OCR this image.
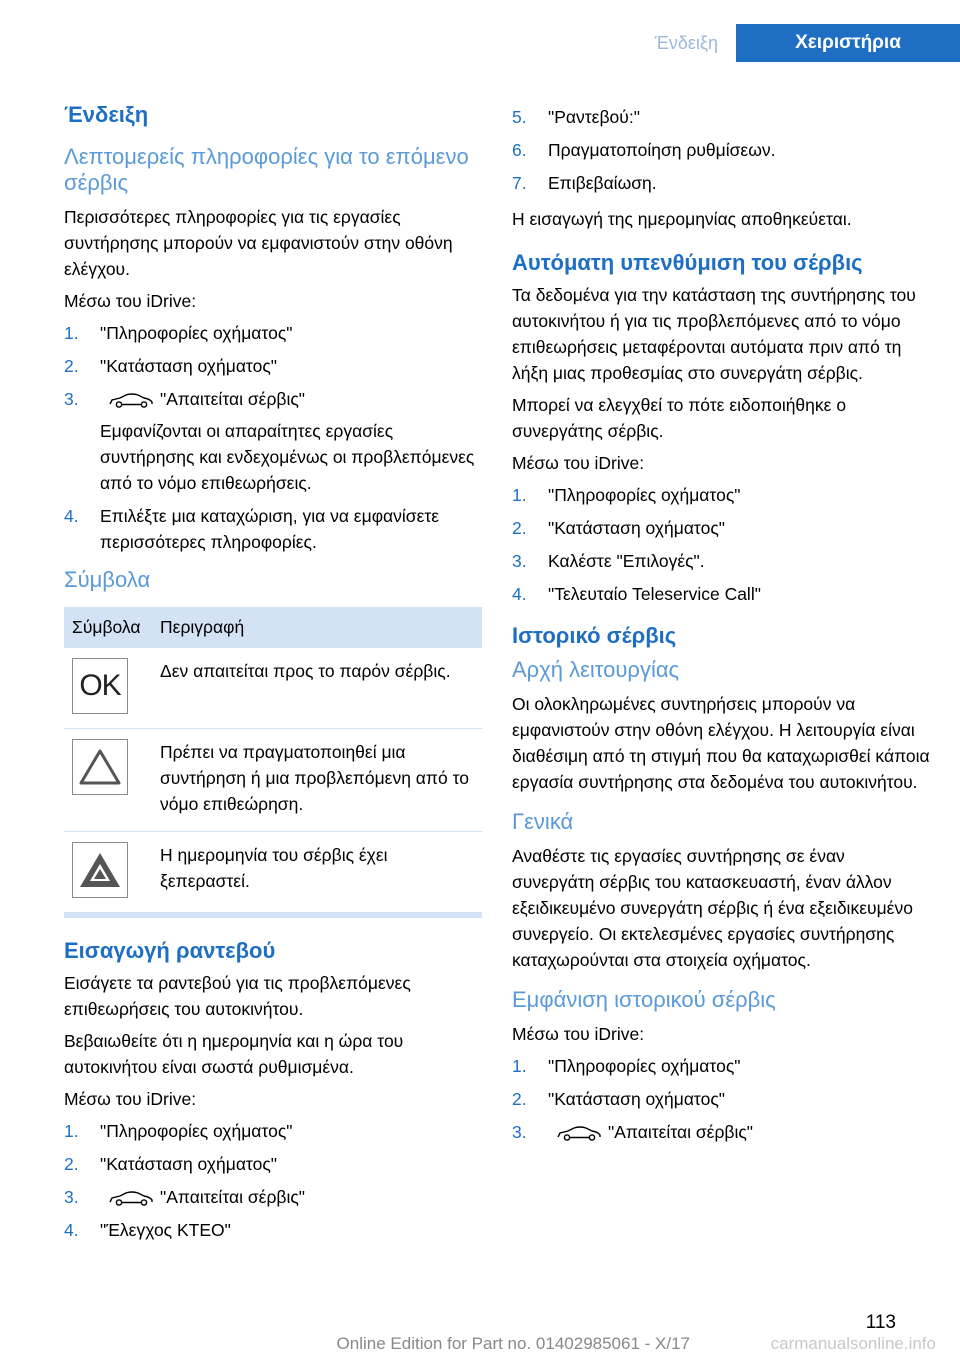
Ένδειξη	Χειριστήρια
Ένδειξη
Λεπτομερείς πληροφορίες για το επόμενο σέρβις

Περισσότερες πληροφορίες για τις εργασίες συντήρησης μπορούν να εμφανιστούν στην οθόνη ελέγχου.

Μέσω του iDrive:

1.	"Πληροφορίες οχήματος"
2.	"Κατάσταση οχήματος"
3.	"Απαιτείται σέρβις"
Εμφανίζονται οι απαραίτητες εργασίες συντήρησης και ενδεχομένως οι προβλεπόμενες από το νόμο επιθεωρήσεις.
4.	Επιλέξτε μια καταχώριση, για να εμφανίσετε περισσότερες πληροφορίες.
Σύμβολα
Σύμβολα	Περιγραφή

OK	Δεν απαιτείται προς το παρόν σέρβις.

	Πρέπει να πραγματοποιηθεί μια συντήρηση ή μια προβλεπόμενη από το νόμο επιθεώρηση.

	Η ημερομηνία του σέρβις έχει ξεπεραστεί.
Εισαγωγή ραντεβού

Εισάγετε τα ραντεβού για τις προβλεπόμενες επιθεωρήσεις του αυτοκινήτου.

Βεβαιωθείτε ότι η ημερομηνία και η ώρα του αυτοκινήτου είναι σωστά ρυθμισμένα.

Μέσω του iDrive:

1.	"Πληροφορίες οχήματος"
2.	"Κατάσταση οχήματος"
3.	"Απαιτείται σέρβις"
4.	"Έλεγχος ΚΤΕΟ"
5.	"Ραντεβού:"
6.	Πραγματοποίηση ρυθμίσεων.
7.	Επιβεβαίωση.

Η εισαγωγή της ημερομηνίας αποθηκεύεται.

Αυτόματη υπενθύμιση του σέρβις

Τα δεδομένα για την κατάσταση της συντήρησης του αυτοκινήτου ή για τις προβλεπόμενες από το νόμο επιθεωρήσεις μεταφέρονται αυτόματα πριν από τη λήξη μιας προθεσμίας στο συνεργάτη σέρβις.

Μπορεί να ελεγχθεί το πότε ειδοποιήθηκε ο συνεργάτης σέρβις.

Μέσω του iDrive:

1.	"Πληροφορίες οχήματος"
2.	"Κατάσταση οχήματος"
3.	Καλέστε "Επιλογές".
4.	"Τελευταίο Teleservice Call"
Ιστορικό σέρβις
Αρχή λειτουργίας

Οι ολοκληρωμένες συντηρήσεις μπορούν να εμφανιστούν στην οθόνη ελέγχου. Η λειτουργία είναι διαθέσιμη από τη στιγμή που θα καταχωρισθεί κάποια εργασία συντήρησης στα δεδομένα του αυτοκινήτου.

Γενικά

Αναθέστε τις εργασίες συντήρησης σε έναν συνεργάτη σέρβις του κατασκευαστή, έναν άλλον εξειδικευμένο συνεργάτη σέρβις ή ένα εξειδικευμένο συνεργείο. Οι εκτελεσμένες εργασίες συντήρησης καταχωρούνται στα στοιχεία οχήματος.

Εμφάνιση ιστορικού σέρβις

Μέσω του iDrive:

1.	"Πληροφορίες οχήματος"
2.	"Κατάσταση οχήματος"
3.	"Απαιτείται σέρβις"
113
Online Edition for Part no. 01402985061 - X/17	carmanualsonline.info
